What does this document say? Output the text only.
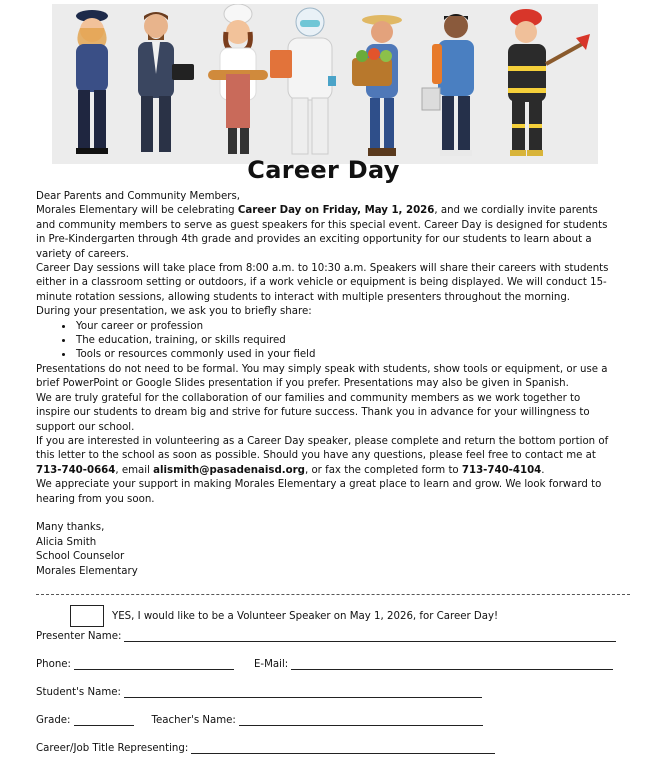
Career Day

Dear Parents and Community Members,

Morales Elementary will be celebrating Career Day on Friday, May 1, 2026, and we cordially invite parents and community members to serve as guest speakers for this special event. Career Day is designed for students in Pre-Kindergarten through 4th grade and provides an exciting opportunity for our students to learn about a variety of careers.

Career Day sessions will take place from 8:00 a.m. to 10:30 a.m. Speakers will share their careers with students either in a classroom setting or outdoors, if a work vehicle or equipment is being displayed. We will conduct 15-minute rotation sessions, allowing students to interact with multiple presenters throughout the morning.

During your presentation, we ask you to briefly share:

• Your career or profession
• The education, training, or skills required
• Tools or resources commonly used in your field

Presentations do not need to be formal. You may simply speak with students, show tools or equipment, or use a brief PowerPoint or Google Slides presentation if you prefer. Presentations may also be given in Spanish.

We are truly grateful for the collaboration of our families and community members as we work together to inspire our students to dream big and strive for future success. Thank you in advance for your willingness to support our school.

If you are interested in volunteering as a Career Day speaker, please complete and return the bottom portion of this letter to the school as soon as possible. Should you have any questions, please feel free to contact me at 713-740-0664, email alismith@pasadenaisd.org, or fax the completed form to 713-740-4104.

We appreciate your support in making Morales Elementary a great place to learn and grow. We look forward to hearing from you soon.

Many thanks,

Alicia Smith

School Counselor

Morales Elementary

YES, I would like to be a Volunteer Speaker on May 1, 2026, for Career Day!
Presenter Name:
Phone:	E-Mail:
Student's Name:
Grade:	Teacher's Name:
Career/Job Title Representing:
